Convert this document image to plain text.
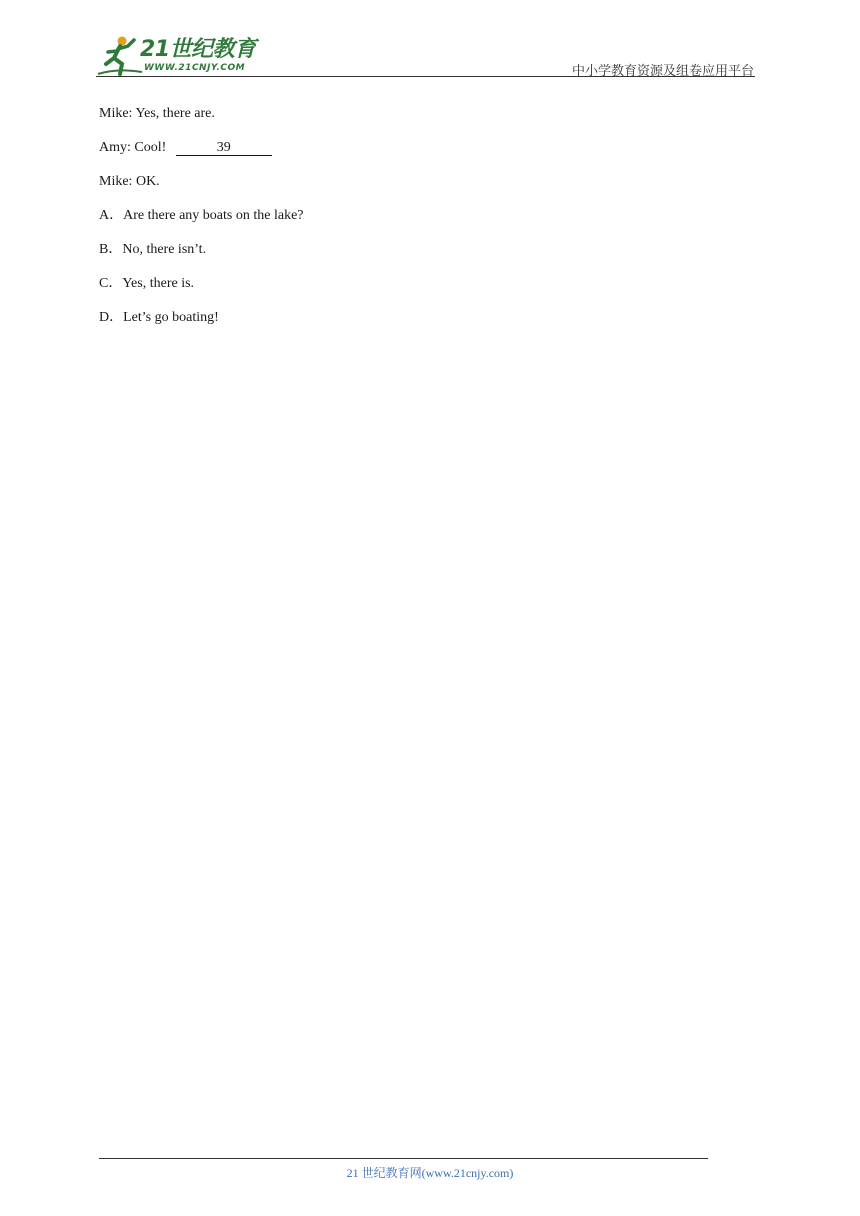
21世纪教育
WWW.21CNJY.COM	中小学教育资源及组卷应用平台
Mike: Yes, there are.
Amy: Cool!	39
Mike: OK.
A．Are there any boats on the lake?
B．No, there isn’t.
C．Yes, there is.
D．Let’s go boating!
21 世纪教育网(www.21cnjy.com)
